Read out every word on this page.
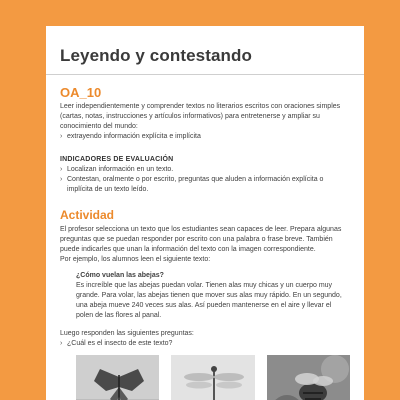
Leyendo y contestando
OA_10

Leer independientemente y comprender textos no literarios escritos con oraciones simples (cartas, notas, instrucciones y artículos informativos) para entretenerse y ampliar su conocimiento del mundo:

› extrayendo información explícita e implícita
INDICADORES DE EVALUACIÓN
› Localizan información en un texto.
› Contestan, oralmente o por escrito, preguntas que aluden a información explícita o implícita de un texto leído.
Actividad

El profesor selecciona un texto que los estudiantes sean capaces de leer. Prepara algunas preguntas que se puedan responder por escrito con una palabra o frase breve. También puede indicarles que unan la información del texto con la imagen correspondiente.

Por ejemplo, los alumnos leen el siguiente texto:

¿Cómo vuelan las abejas?

Es increíble que las abejas puedan volar. Tienen alas muy chicas y un cuerpo muy grande. Para volar, las abejas tienen que mover sus alas muy rápido. En un segundo, una abeja mueve 240 veces sus alas. Así pueden mantenerse en el aire y llevar el polen de las flores al panal.

Luego responden las siguientes preguntas:

› ¿Cuál es el insecto de este texto?
